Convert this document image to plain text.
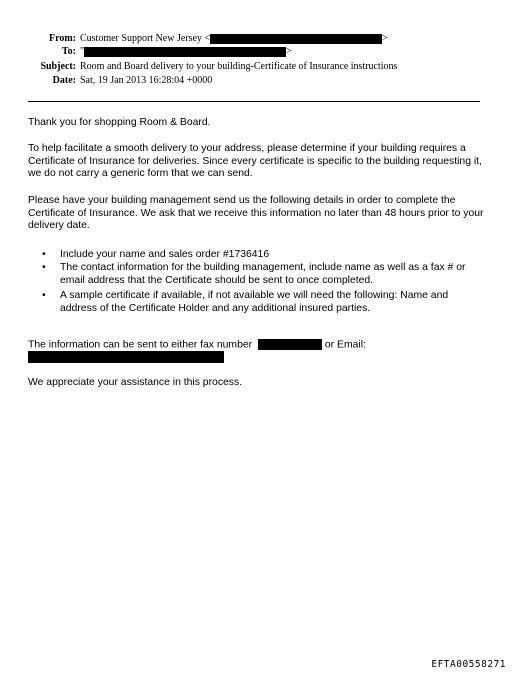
From: Customer Support New Jersey <	>
To: "	>
Subject: Room and Board delivery to your building-Certificate of Insurance instructions
Date: Sat, 19 Jan 2013 16:28:04 +0000

Thank you for shopping Room & Board.

To help facilitate a smooth delivery to your address, please determine if your building requires a Certificate of Insurance for deliveries. Since every certificate is specific to the building requesting it, we do not carry a generic form that we can send.

Please have your building management send us the following details in order to complete the Certificate of Insurance. We ask that we receive this information no later than 48 hours prior to your delivery date.

• Include your name and sales order #1736416
• The contact information for the building management, include name as well as a fax # or email address that the Certificate should be sent to once completed.
• A sample certificate if available, if not available we will need the following: Name and address of the Certificate Holder and any additional insured parties.
The information can be sent to either fax number	or Email:

We appreciate your assistance in this process.

EFTA00558271
